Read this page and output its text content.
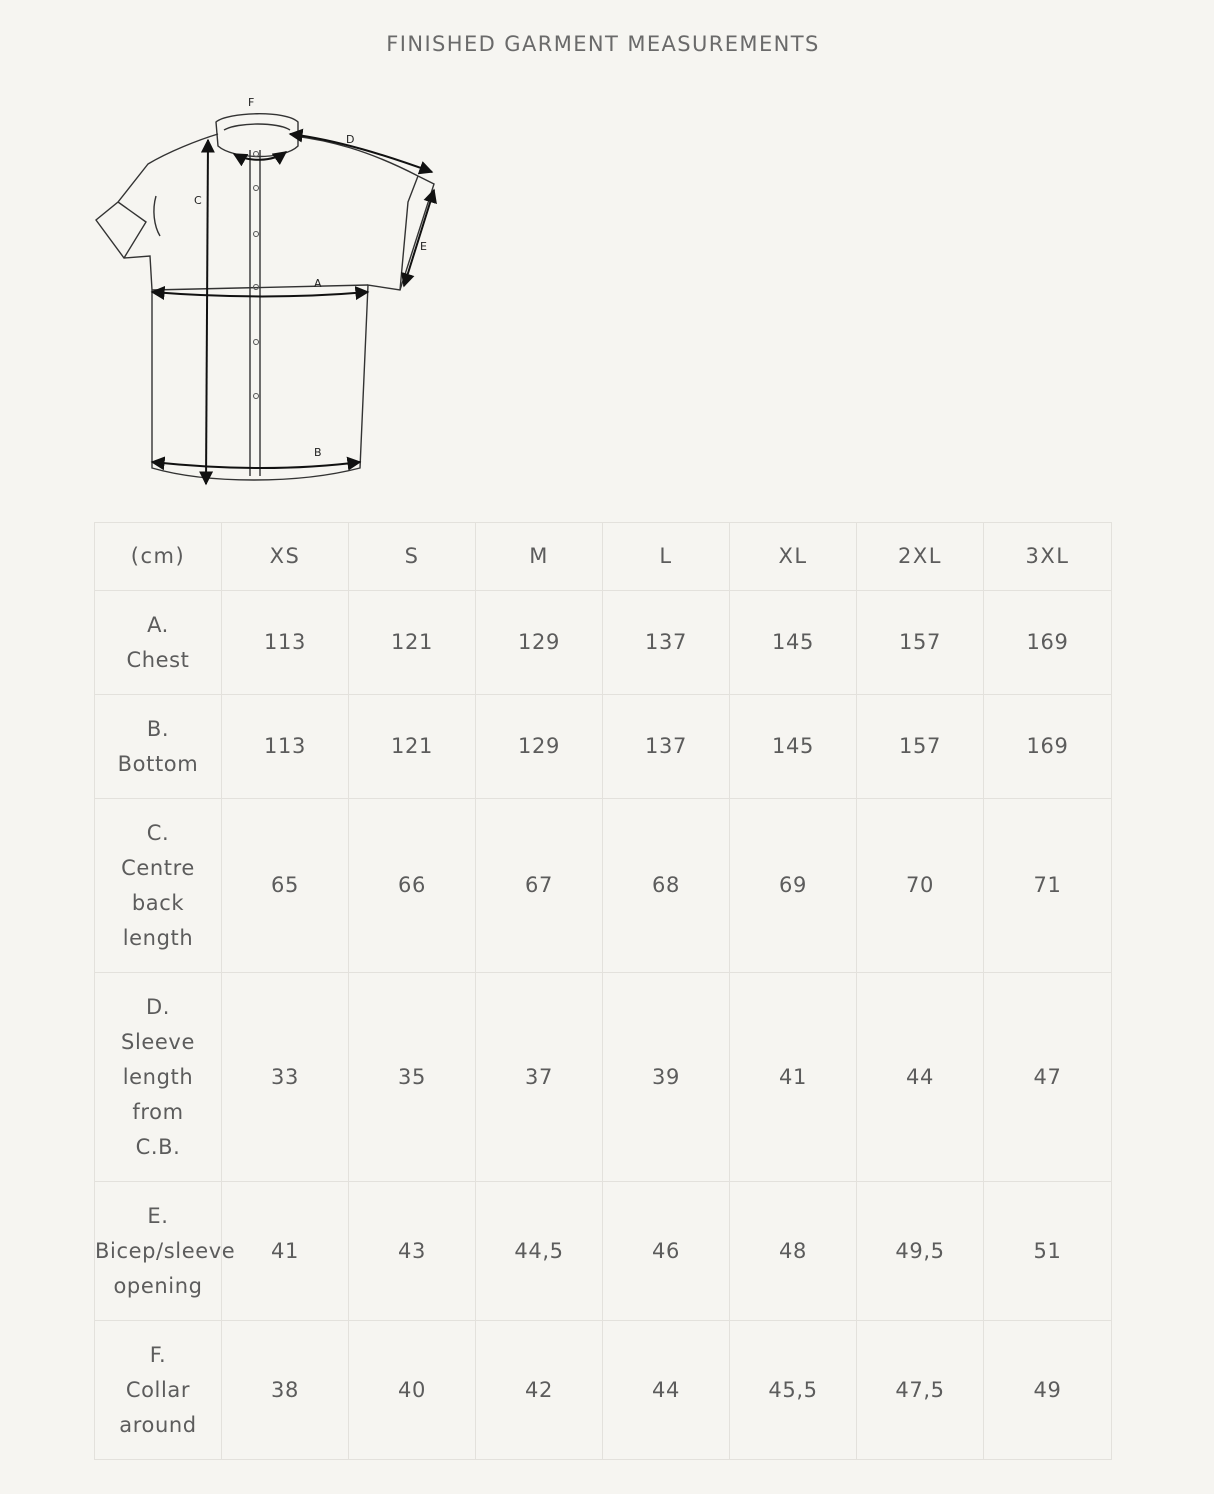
FINISHED GARMENT MEASUREMENTS
F
D
C
E
A
B
(cm)	XS	S	M	L	XL	2XL	3XL

A.
Chest	113	121	129	137	145	157	169

B.
Bottom	113	121	129	137	145	157	169

C.
Centre
back
length	65	66	67	68	69	70	71

D.
Sleeve
length
from
C.B.	33	35	37	39	41	44	47

E.
Bicep/sleeve
opening	41	43	44,5	46	48	49,5	51

F.
Collar
around	38	40	42	44	45,5	47,5	49
